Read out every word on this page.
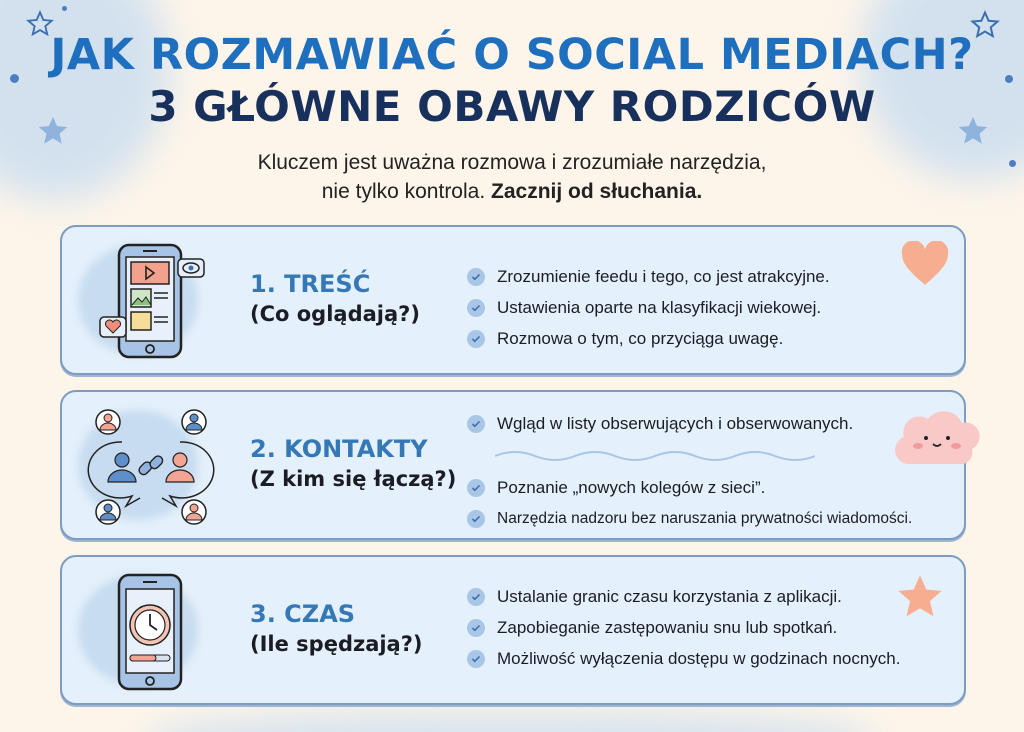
JAK ROZMAWIAĆ O SOCIAL MEDIACH?
3 GŁÓWNE OBAWY RODZICÓW
Kluczem jest uważna rozmowa i zrozumiałe narzędzia,
nie tylko kontrola. Zacznij od słuchania.
1. TREŚĆ
(Co oglądają?)
Zrozumienie feedu i tego, co jest atrakcyjne.
Ustawienia oparte na klasyfikacji wiekowej.
Rozmowa o tym, co przyciąga uwagę.
2. KONTAKTY
(Z kim się łączą?)
Wgląd w listy obserwujących i obserwowanych.
Poznanie „nowych kolegów z sieci”.
Narzędzia nadzoru bez naruszania prywatności wiadomości.
3. CZAS
(Ile spędzają?)
Ustalanie granic czasu korzystania z aplikacji.
Zapobieganie zastępowaniu snu lub spotkań.
Możliwość wyłączenia dostępu w godzinach nocnych.
